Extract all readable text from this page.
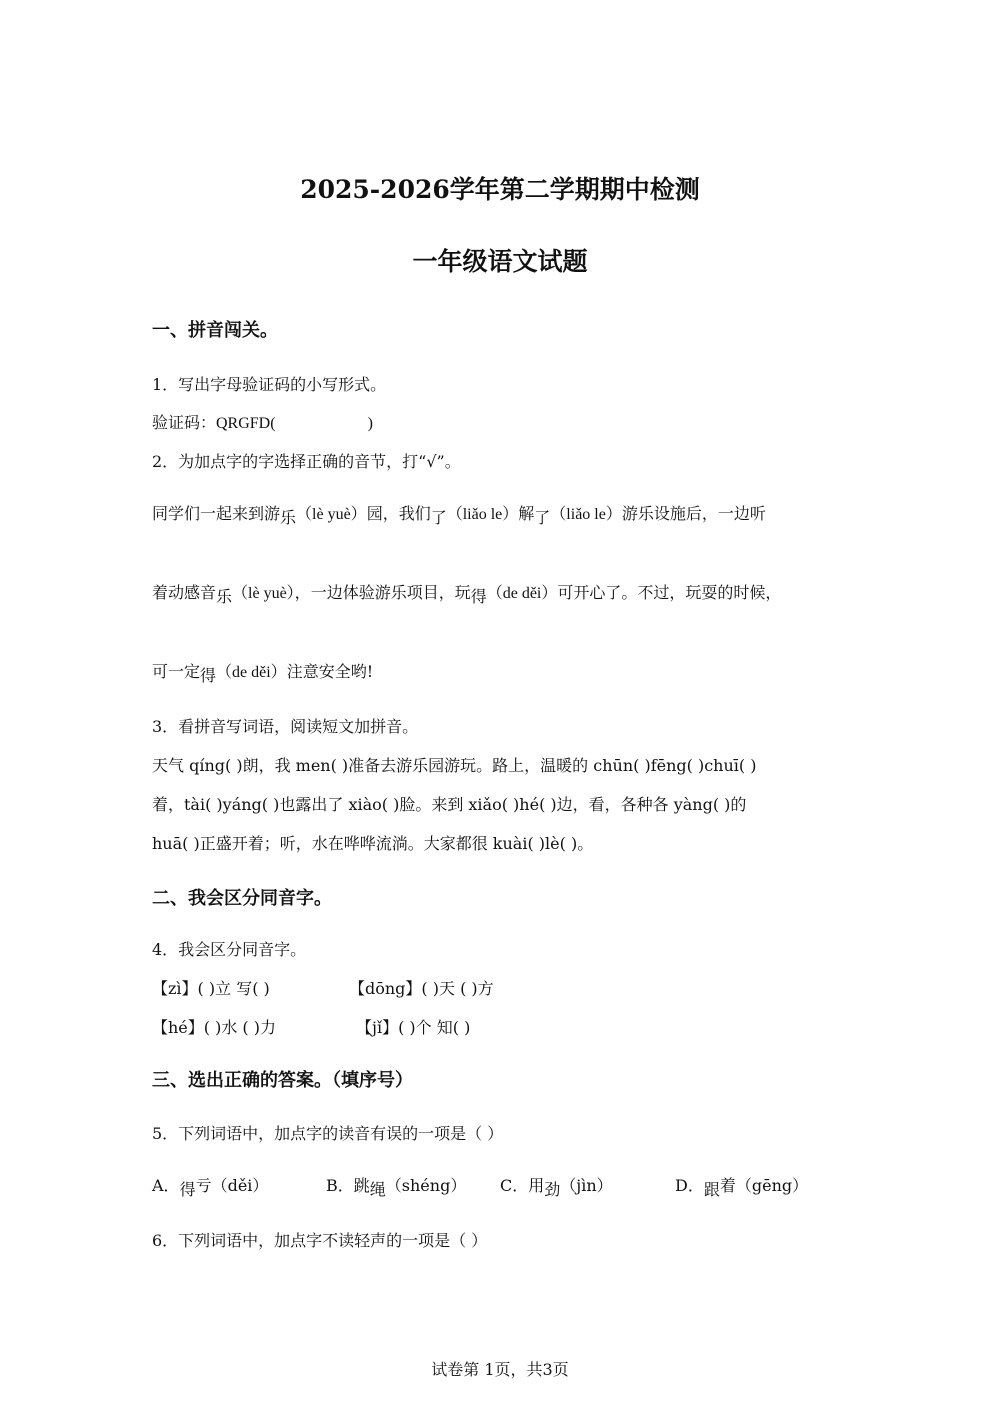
2025-2026学年第二学期期中检测
一年级语文试题
一、拼音闯关。
1．写出字母验证码的小写形式。
验证码：QRGFD(	)
2．为加点字的字选择正确的音节，打“√”。
同学们一起来到游乐（lè yuè）园，我们了（liǎo le）解了（liǎo le）游乐设施后，一边听
着动感音乐（lè yuè），一边体验游乐项目，玩得（de děi）可开心了。不过，玩耍的时候，
可一定得（de děi）注意安全哟!
3．看拼音写词语，阅读短文加拼音。
天气 qíng( )朗，我 men( )准备去游乐园游玩。路上，温暖的 chūn( )fēng( )chuī( )
着，tài( )yáng( )也露出了 xiào( )脸。来到 xiǎo( )hé( )边，看，各种各 yàng( )的
huā( )正盛开着；听，水在哗哗流淌。大家都很 kuài( )lè( )。
二、我会区分同音字。
4．我会区分同音字。
【zì】( )立 写( )	【dōng】( )天 ( )方
【hé】( )水 ( )力	【jǐ】( )个 知( )
三、选出正确的答案。（填序号）
5．下列词语中，加点字的读音有误的一项是（ ）
A．得亏（děi）	B．跳绳（shéng） C．用劲（jìn）	D．跟着（gēng）
6．下列词语中，加点字不读轻声的一项是（ ）
试卷第 1页，共3页
